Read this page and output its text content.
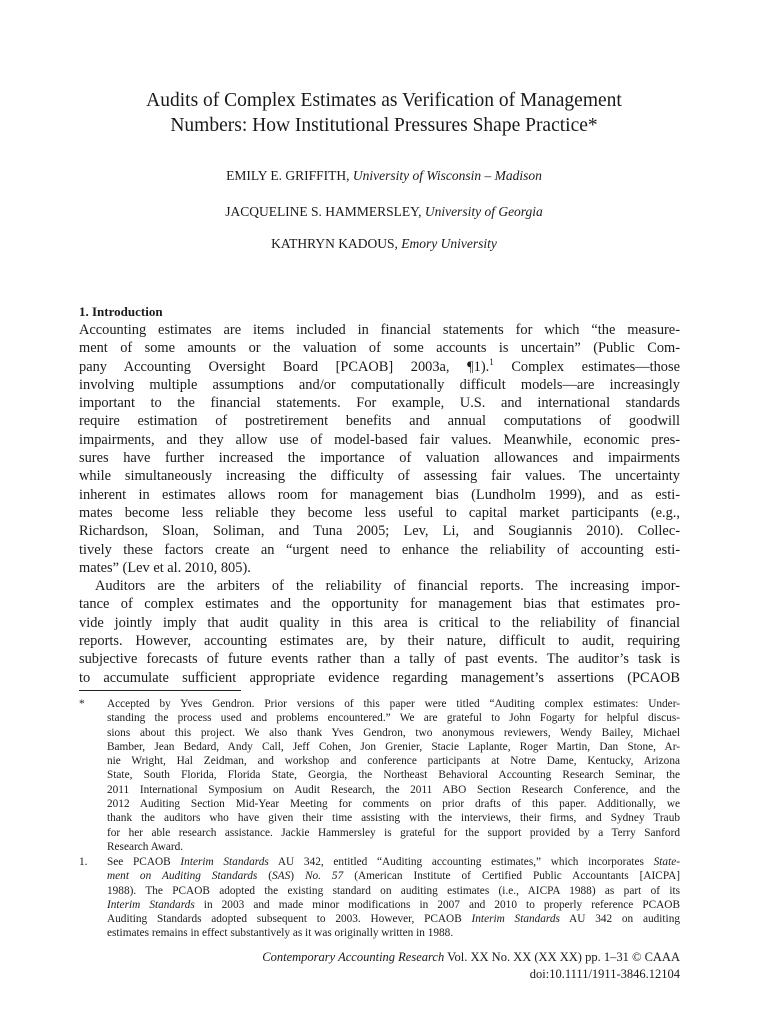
Audits of Complex Estimates as Verification of Management
Numbers: How Institutional Pressures Shape Practice*
EMILY E. GRIFFITH, University of Wisconsin – Madison
JACQUELINE S. HAMMERSLEY, University of Georgia
KATHRYN KADOUS, Emory University
1. Introduction
Accounting estimates are items included in financial statements for which “the measure-
ment of some amounts or the valuation of some accounts is uncertain” (Public Com-
pany Accounting Oversight Board [PCAOB] 2003a, ¶1).$^1$ Complex estimates—those
involving multiple assumptions and/or computationally difficult models—are increasingly
important to the financial statements. For example, U.S. and international standards
require estimation of postretirement benefits and annual computations of goodwill
impairments, and they allow use of model-based fair values. Meanwhile, economic pres-
sures have further increased the importance of valuation allowances and impairments
while simultaneously increasing the difficulty of assessing fair values. The uncertainty
inherent in estimates allows room for management bias (Lundholm 1999), and as esti-
mates become less reliable they become less useful to capital market participants (e.g.,
Richardson, Sloan, Soliman, and Tuna 2005; Lev, Li, and Sougiannis 2010). Collec-
tively these factors create an “urgent need to enhance the reliability of accounting esti-
mates” (Lev et al. 2010, 805).
Auditors are the arbiters of the reliability of financial reports. The increasing impor-
tance of complex estimates and the opportunity for management bias that estimates pro-
vide jointly imply that audit quality in this area is critical to the reliability of financial
reports. However, accounting estimates are, by their nature, difficult to audit, requiring
subjective forecasts of future events rather than a tally of past events. The auditor’s task is
to accumulate sufficient appropriate evidence regarding management’s assertions (PCAOB
* Accepted by Yves Gendron. Prior versions of this paper were titled “Auditing complex estimates: Under-
standing the process used and problems encountered.” We are grateful to John Fogarty for helpful discus-
sions about this project. We also thank Yves Gendron, two anonymous reviewers, Wendy Bailey, Michael
Bamber, Jean Bedard, Andy Call, Jeff Cohen, Jon Grenier, Stacie Laplante, Roger Martin, Dan Stone, Ar-
nie Wright, Hal Zeidman, and workshop and conference participants at Notre Dame, Kentucky, Arizona
State, South Florida, Florida State, Georgia, the Northeast Behavioral Accounting Research Seminar, the
2011 International Symposium on Audit Research, the 2011 ABO Section Research Conference, and the
2012 Auditing Section Mid-Year Meeting for comments on prior drafts of this paper. Additionally, we
thank the auditors who have given their time assisting with the interviews, their firms, and Sydney Traub
for her able research assistance. Jackie Hammersley is grateful for the support provided by a Terry Sanford
Research Award.
1. See PCAOB Interim Standards AU 342, entitled “Auditing accounting estimates,” which incorporates State-
ment on Auditing Standards (SAS) No. 57 (American Institute of Certified Public Accountants [AICPA]
1988). The PCAOB adopted the existing standard on auditing estimates (i.e., AICPA 1988) as part of its
Interim Standards in 2003 and made minor modifications in 2007 and 2010 to properly reference PCAOB
Auditing Standards adopted subsequent to 2003. However, PCAOB Interim Standards AU 342 on auditing
estimates remains in effect substantively as it was originally written in 1988.
Contemporary Accounting Research Vol. XX No. XX (XX XX) pp. 1–31 © CAAA
doi:10.1111/1911-3846.12104
